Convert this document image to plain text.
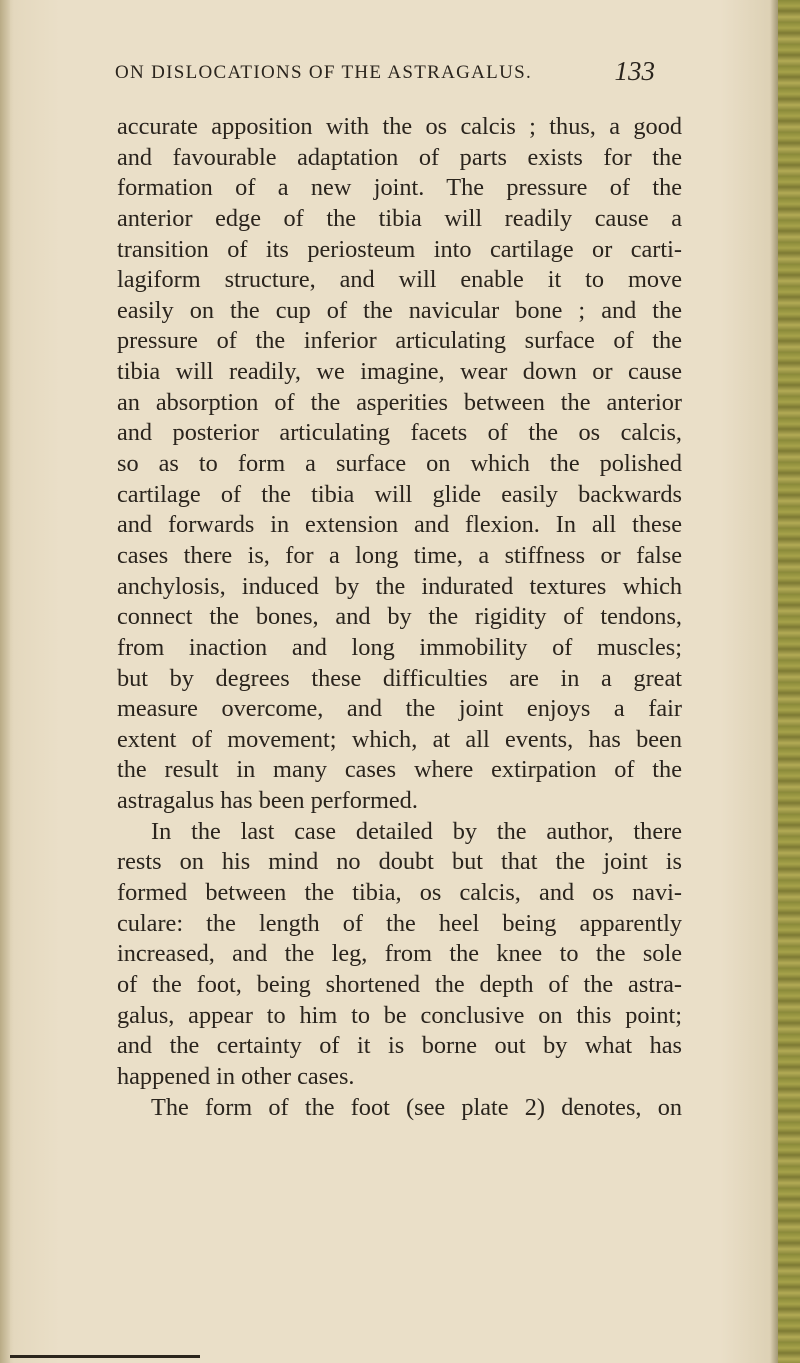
ON DISLOCATIONS OF THE ASTRAGALUS.	133
accurate apposition with the os calcis ; thus, a good
and favourable adaptation of parts exists for the
formation of a new joint. The pressure of the
anterior edge of the tibia will readily cause a
transition of its periosteum into cartilage or carti-
lagiform structure, and will enable it to move
easily on the cup of the navicular bone ; and the
pressure of the inferior articulating surface of the
tibia will readily, we imagine, wear down or cause
an absorption of the asperities between the anterior
and posterior articulating facets of the os calcis,
so as to form a surface on which the polished
cartilage of the tibia will glide easily backwards
and forwards in extension and flexion. In all these
cases there is, for a long time, a stiffness or false
anchylosis, induced by the indurated textures which
connect the bones, and by the rigidity of tendons,
from inaction and long immobility of muscles;
but by degrees these difficulties are in a great
measure overcome, and the joint enjoys a fair
extent of movement; which, at all events, has been
the result in many cases where extirpation of the
astragalus has been performed.
In the last case detailed by the author, there
rests on his mind no doubt but that the joint is
formed between the tibia, os calcis, and os navi-
culare: the length of the heel being apparently
increased, and the leg, from the knee to the sole
of the foot, being shortened the depth of the astra-
galus, appear to him to be conclusive on this point;
and the certainty of it is borne out by what has
happened in other cases.
The form of the foot (see plate 2) denotes, on
